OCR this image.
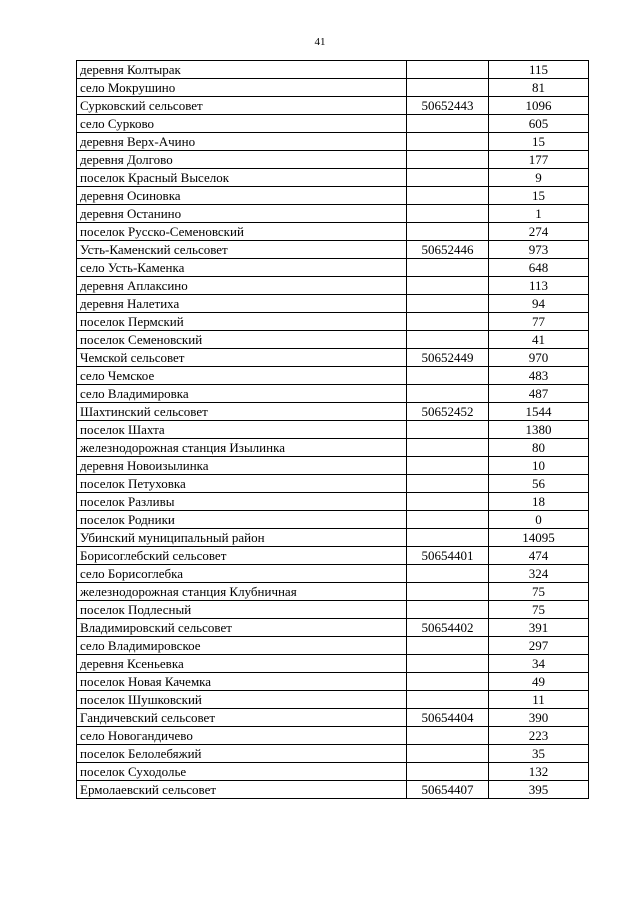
41
деревня Колтырак		115
село Мокрушино		81
Сурковский сельсовет	50652443	1096
село Сурково		605
деревня Верх-Ачино		15
деревня Долгово		177
поселок Красный Выселок		9
деревня Осиновка		15
деревня Останино		1
поселок Русско-Семеновский		274
Усть-Каменский сельсовет	50652446	973
село Усть-Каменка		648
деревня Аплаксино		113
деревня Налетиха		94
поселок Пермский		77
поселок Семеновский		41
Чемской сельсовет	50652449	970
село Чемское		483
село Владимировка		487
Шахтинский сельсовет	50652452	1544
поселок Шахта		1380
железнодорожная станция Изылинка		80
деревня Новоизылинка		10
поселок Петуховка		56
поселок Разливы		18
поселок Родники		0
Убинский муниципальный район		14095
Борисоглебский сельсовет	50654401	474
село Борисоглебка		324
железнодорожная станция Клубничная		75
поселок Подлесный		75
Владимировский сельсовет	50654402	391
село Владимировское		297
деревня Ксеньевка		34
поселок Новая Качемка		49
поселок Шушковский		11
Гандичевский сельсовет	50654404	390
село Новогандичево		223
поселок Белолебяжий		35
поселок Суходолье		132
Ермолаевский сельсовет	50654407	395
